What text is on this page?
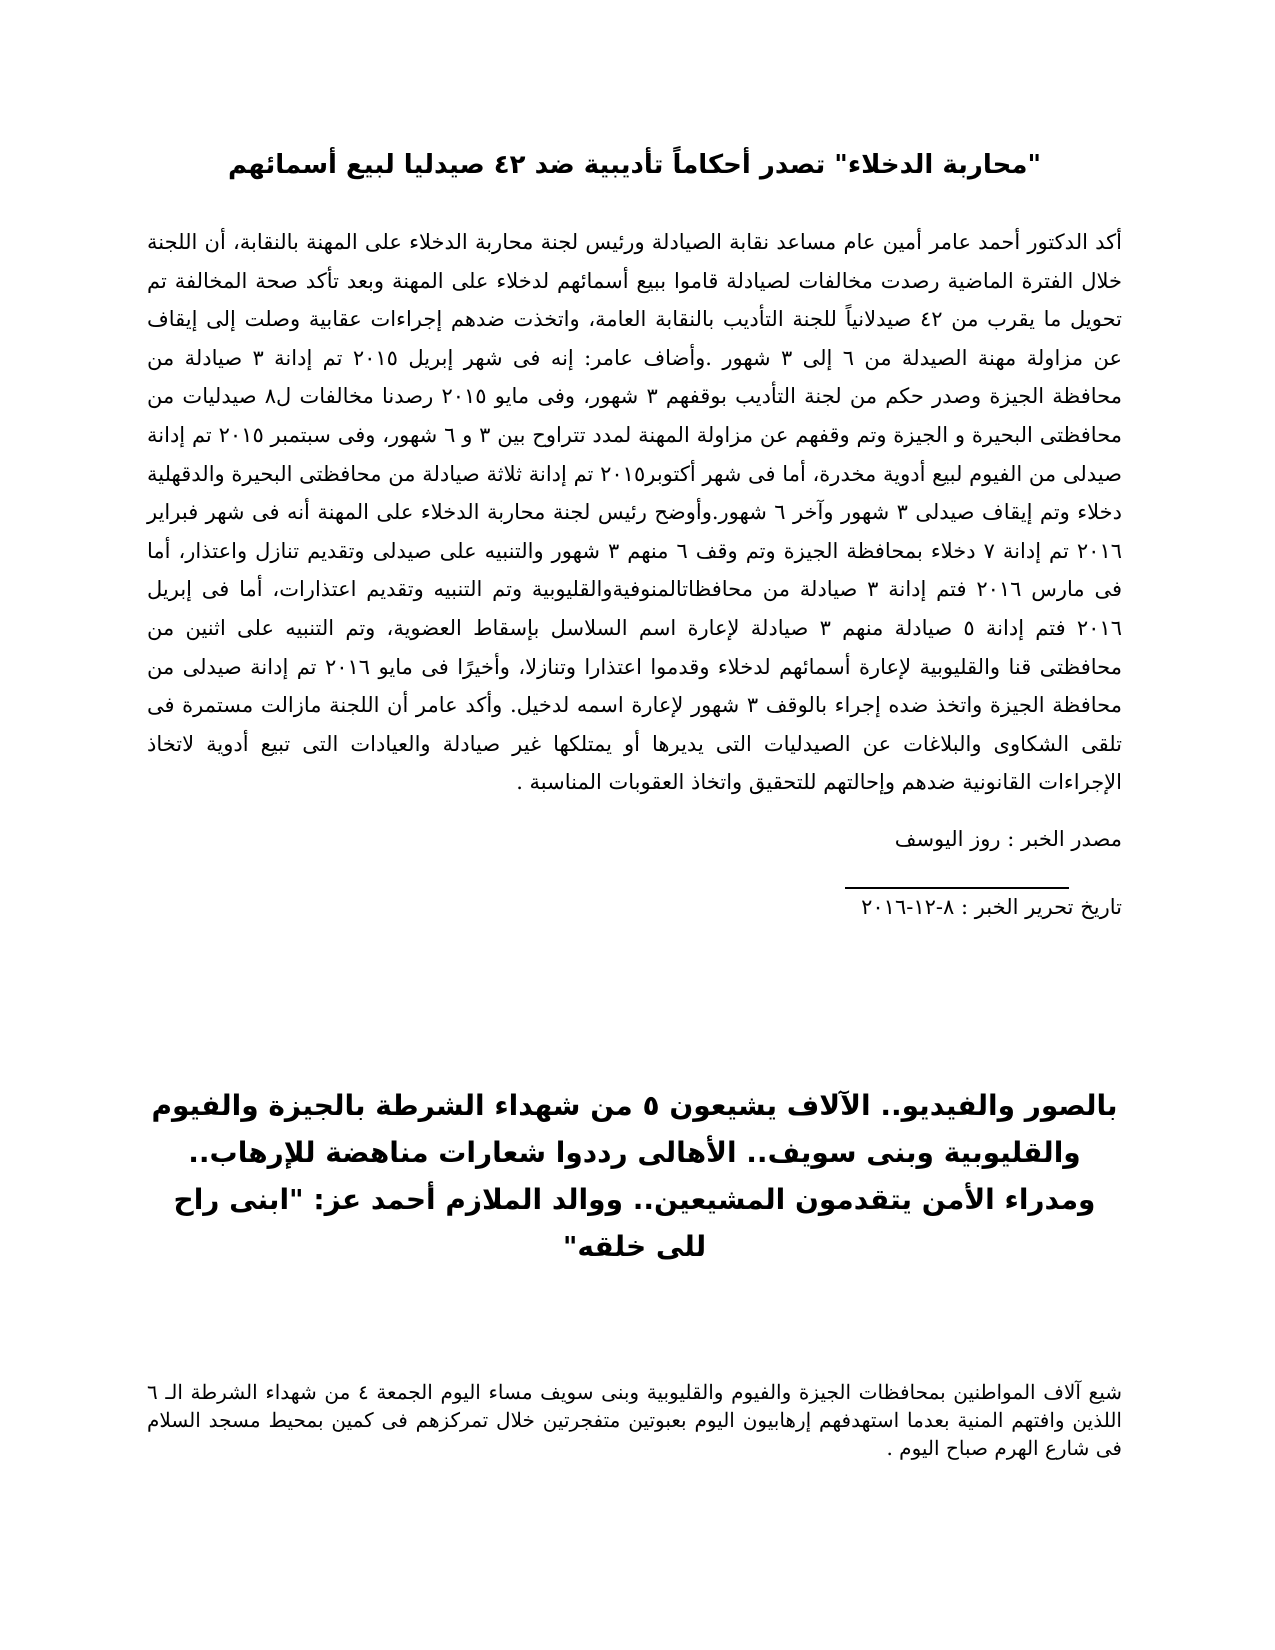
"محاربة الدخلاء" تصدر أحكاماً تأديبية ضد ٤٢ صيدليا لبيع أسمائهم

أكد الدكتور أحمد عامر أمين عام مساعد نقابة الصيادلة ورئيس لجنة محاربة الدخلاء على المهنة بالنقابة، أن اللجنة خلال الفترة الماضية رصدت مخالفات لصيادلة قاموا ببيع أسمائهم لدخلاء على المهنة وبعد تأكد صحة المخالفة تم تحويل ما يقرب من ٤٢ صيدلانياً للجنة التأديب بالنقابة العامة، واتخذت ضدهم إجراءات عقابية وصلت إلى إيقاف عن مزاولة مهنة الصيدلة من ٦ إلى ٣ شهور .وأضاف عامر: إنه فى شهر إبريل ٢٠١٥ تم إدانة ٣ صيادلة من محافظة الجيزة وصدر حكم من لجنة التأديب بوقفهم ٣ شهور، وفى مايو ٢٠١٥ رصدنا مخالفات ل٨ صيدليات من محافظتى البحيرة و الجيزة وتم وقفهم عن مزاولة المهنة لمدد تتراوح بين ٣ و ٦ شهور، وفى سبتمبر ٢٠١٥ تم إدانة صيدلى من الفيوم لبيع أدوية مخدرة، أما فى شهر أكتوبر٢٠١٥ تم إدانة ثلاثة صيادلة من محافظتى البحيرة والدقهلية دخلاء وتم إيقاف صيدلى ٣ شهور وآخر ٦ شهور.وأوضح رئيس لجنة محاربة الدخلاء على المهنة أنه فى شهر فبراير ٢٠١٦ تم إدانة ٧ دخلاء بمحافظة الجيزة وتم وقف ٦ منهم ٣ شهور والتنبيه على صيدلى وتقديم تنازل واعتذار، أما فى مارس ٢٠١٦ فتم إدانة ٣ صيادلة من محافظاتالمنوفيةوالقليوبية وتم التنبيه وتقديم اعتذارات، أما فى إبريل ٢٠١٦ فتم إدانة ٥ صيادلة منهم ٣ صيادلة لإعارة اسم السلاسل بإسقاط العضوية، وتم التنبيه على اثنين من محافظتى قنا والقليوبية لإعارة أسمائهم لدخلاء وقدموا اعتذارا وتنازلا، وأخيرًا فى مايو ٢٠١٦ تم إدانة صيدلى من محافظة الجيزة واتخذ ضده إجراء بالوقف ٣ شهور لإعارة اسمه لدخيل. وأكد عامر أن اللجنة مازالت مستمرة فى تلقى الشكاوى والبلاغات عن الصيدليات التى يديرها أو يمتلكها غير صيادلة والعيادات التى تبيع أدوية لاتخاذ الإجراءات القانونية ضدهم وإحالتهم للتحقيق واتخاذ العقوبات المناسبة .

مصدر الخبر : روز اليوسف

تاريخ تحرير الخبر : ٨-١٢-٢٠١٦

بالصور والفيديو.. الآلاف يشيعون ٥ من شهداء الشرطة بالجيزة والفيوم والقليوبية وبنى سويف.. الأهالى رددوا شعارات مناهضة للإرهاب.. ومدراء الأمن يتقدمون المشيعين.. ووالد الملازم أحمد عز: "ابنى راح للى خلقه"

شيع آلاف المواطنين بمحافظات الجيزة والفيوم والقليوبية وبنى سويف مساء اليوم الجمعة ٤ من شهداء الشرطة الـ ٦ اللذين وافتهم المنية بعدما استهدفهم إرهابيون اليوم بعبوتين متفجرتين خلال تمركزهم فى كمين بمحيط مسجد السلام فى شارع الهرم صباح اليوم .
